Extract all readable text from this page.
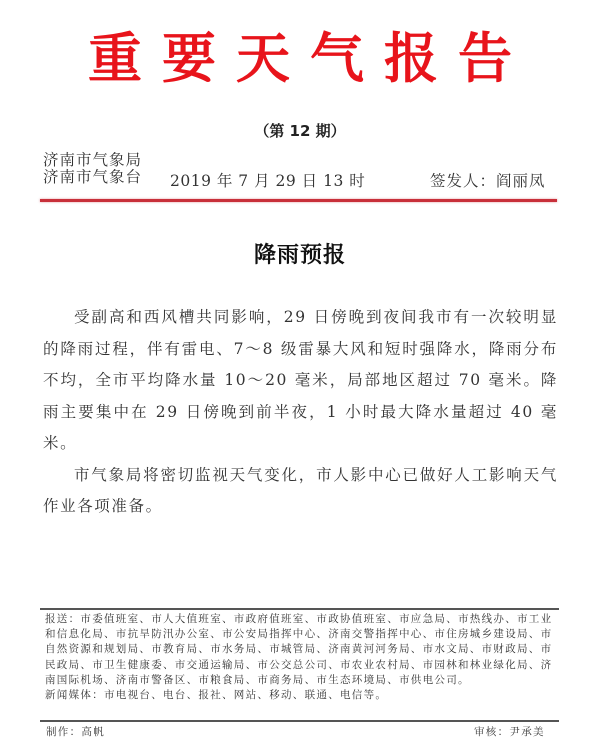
重要天气报告
（第 12 期）
济南市气象局
济南市气象台 2019 年 7 月 29 日 13 时	签发人：阎丽凤
降雨预报

受副高和西风槽共同影响，29 日傍晚到夜间我市有一次较明显的降雨过程，伴有雷电、7～8 级雷暴大风和短时强降水，降雨分布不均，全市平均降水量 10～20 毫米，局部地区超过 70 毫米。降雨主要集中在 29 日傍晚到前半夜，1 小时最大降水量超过 40 毫米。

市气象局将密切监视天气变化，市人影中心已做好人工影响天气作业各项准备。

报送：市委值班室、市人大值班室、市政府值班室、市政协值班室、市应急局、市热线办、市工业和信息化局、市抗旱防汛办公室、市公安局指挥中心、济南交警指挥中心、市住房城乡建设局、市自然资源和规划局、市教育局、市水务局、市城管局、济南黄河河务局、市水文局、市财政局、市民政局、市卫生健康委、市交通运输局、市公交总公司、市农业农村局、市园林和林业绿化局、济南国际机场、济南市警备区、市粮食局、市商务局、市生态环境局、市供电公司。

新闻媒体：市电视台、电台、报社、网站、移动、联通、电信等。

制作：高帆	审核：尹承美
